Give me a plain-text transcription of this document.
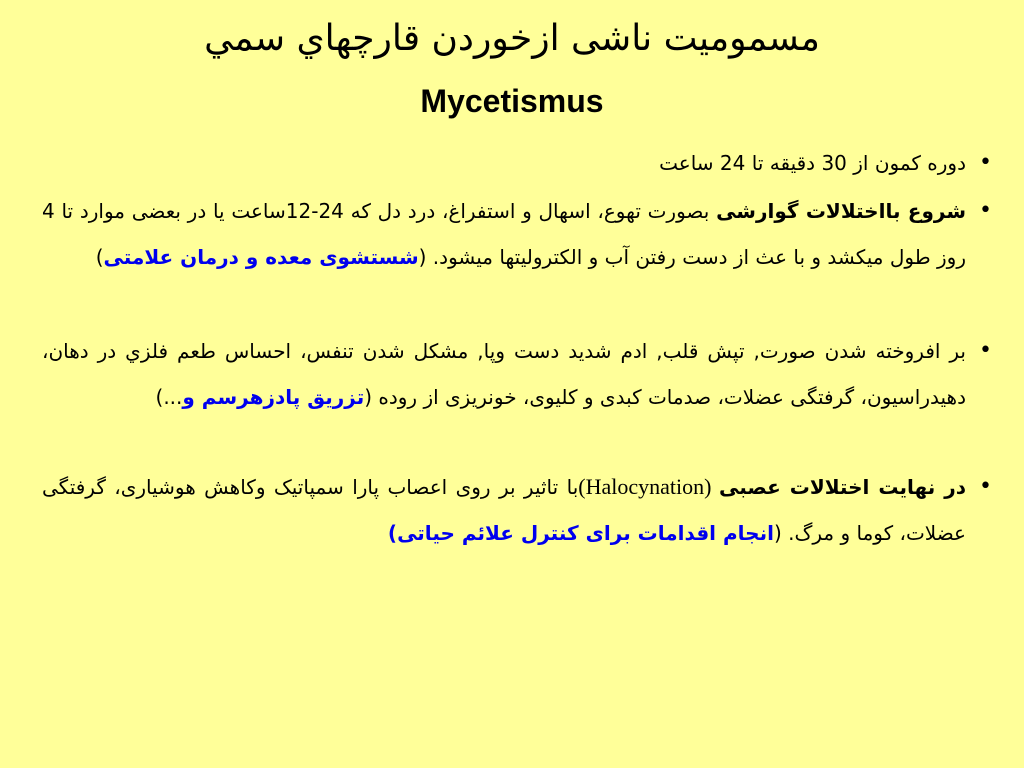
مسموميت ناشی ازخوردن قارچهاي سمي
Mycetismus
• دوره کمون از 30 دقیقه تا 24 ساعت
• شروع بااختلالات گوارشی بصورت تهوع، اسهال و استفراغ، درد دل که 24-12ساعت یا در بعضی موارد تا 4 روز طول میکشد و با عث از دست رفتن آب و الکترولیتها میشود. (شستشوی معده و درمان علامتی)
• بر افروخته شدن صورت, تپش قلب, ادم شدید دست وپا, مشکل شدن تنفس، احساس طعم فلزي در دهان، دهیدراسیون، گرفتگی عضلات، صدمات کبدی و کلیوی، خونریزی از روده (تزریق پادزهرسم و...)
• در نهایت اختلالات عصبی (Halocynation)با تاثیر بر روی اعصاب پارا سمپاتیک وکاهش هوشیاری، گرفتگی عضلات، کوما و مرگ. (انجام اقدامات برای کنترل علائم حیاتی)
